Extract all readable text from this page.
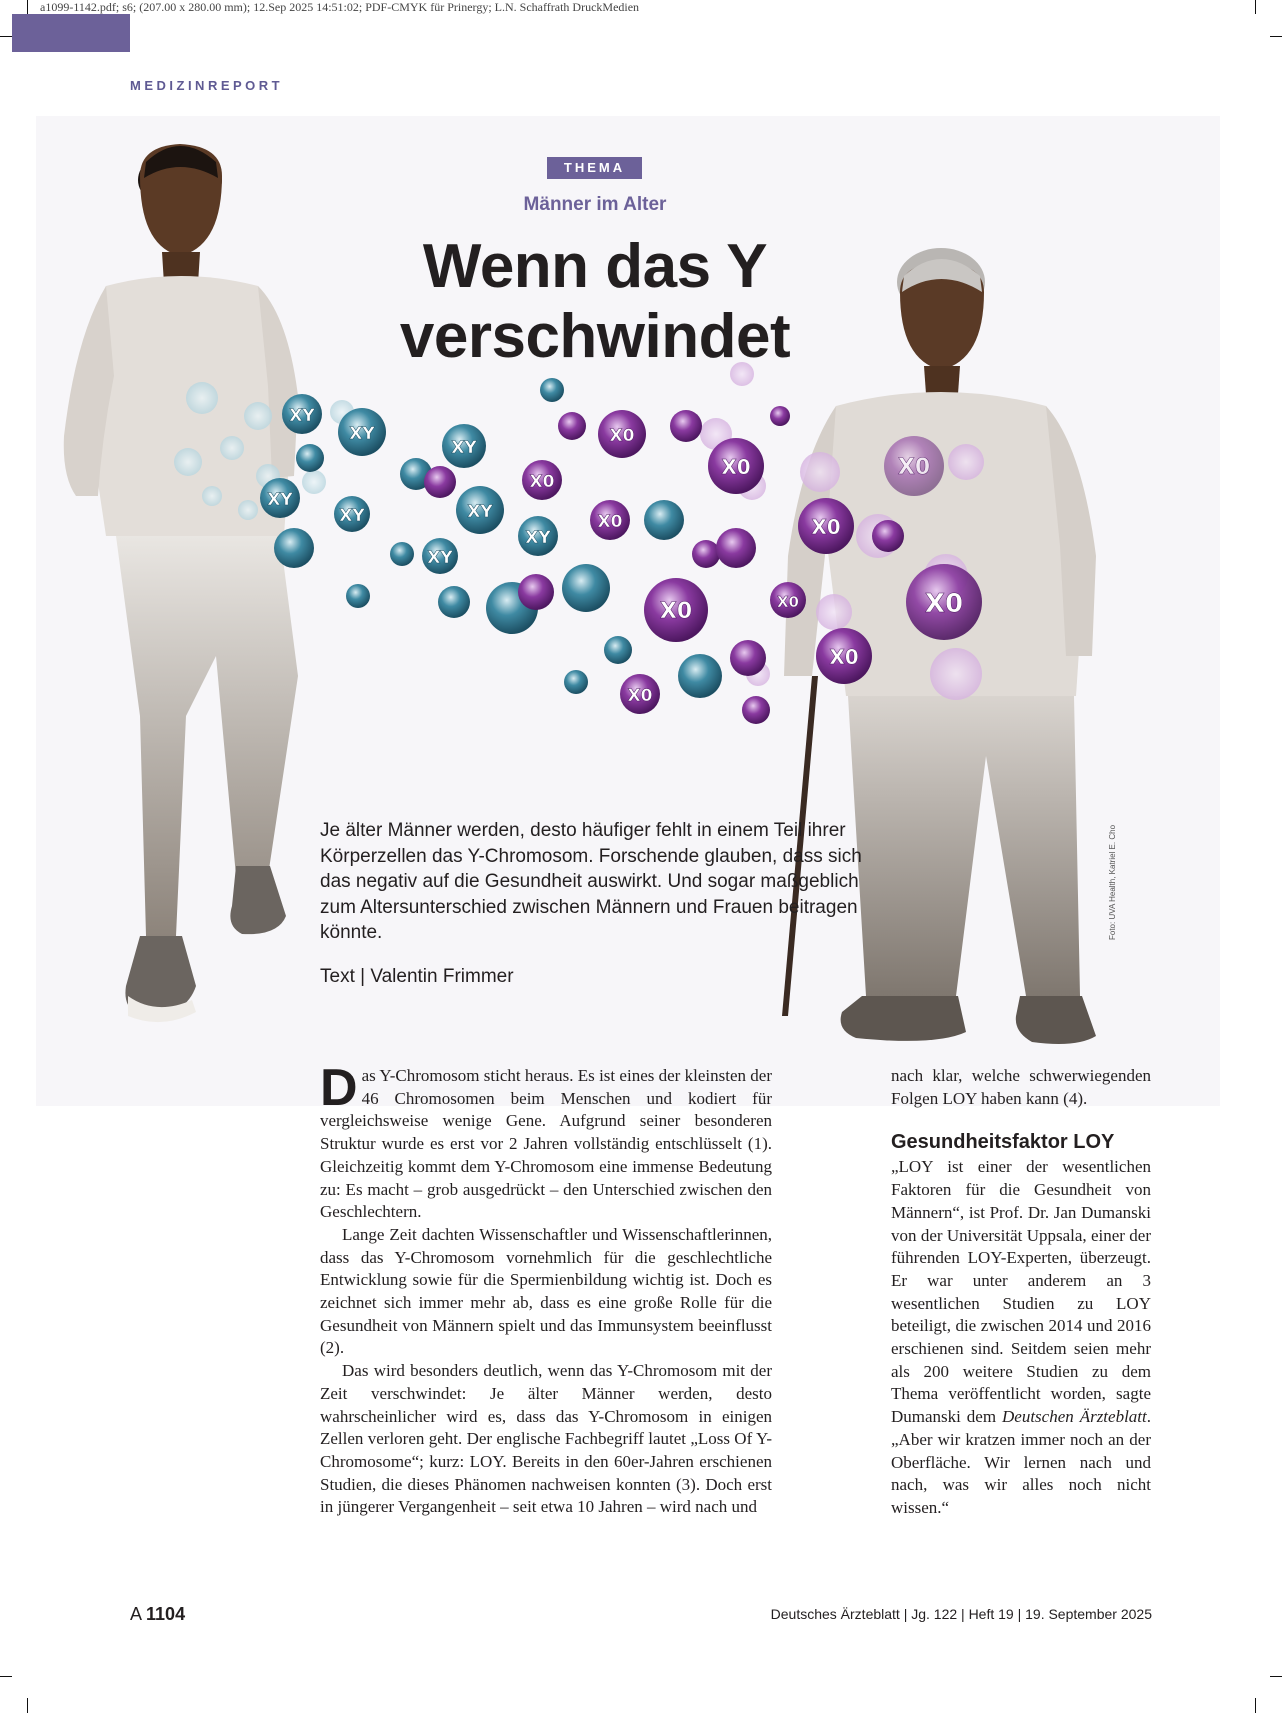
a1099-1142.pdf; s6; (207.00 x 280.00 mm); 12.Sep 2025 14:51:02; PDF-CMYK für Prinergy; L.N. Schaffrath DruckMedien
MEDIZINREPORT
XY
XY
XY
XY
XY
XY
XY
XY
X0
X0
X0
X0
X0
X0
X0
X0
X0
X0
X0
THEMA
Männer im Alter
Wenn das Y
verschwindet
Je älter Männer werden, desto häufiger fehlt in einem Teil ihrer Körperzellen das Y-Chromosom. Forschende glauben, dass sich das negativ auf die Gesundheit auswirkt. Und sogar maßgeblich zum Altersunterschied zwischen Männern und Frauen beitragen könnte.
Text | Valentin Frimmer
Foto: UVA Health, Katriel E. Cho

Das Y-Chromosom sticht heraus. Es ist eines der kleinsten der 46 Chromosomen beim Menschen und kodiert für vergleichsweise wenige Gene. Aufgrund seiner besonderen Struktur wurde es erst vor 2 Jahren vollständig entschlüsselt (1). Gleichzeitig kommt dem Y-Chromosom eine immense Bedeutung zu: Es macht – grob ausgedrückt – den Unterschied zwischen den Geschlechtern.

Lange Zeit dachten Wissenschaftler und Wissenschaftlerinnen, dass das Y-Chromosom vornehmlich für die geschlechtliche Entwicklung sowie für die Spermienbildung wichtig ist. Doch es zeichnet sich immer mehr ab, dass es eine große Rolle für die Gesundheit von Männern spielt und das Immunsystem beeinflusst (2).

Das wird besonders deutlich, wenn das Y-Chromosom mit der Zeit verschwindet: Je älter Männer werden, desto wahrscheinlicher wird es, dass das Y-Chromosom in einigen Zellen verloren geht. Der englische Fachbegriff lautet „Loss Of Y-Chromosome“; kurz: LOY. Bereits in den 60er-Jahren erschienen Studien, die dieses Phänomen nachweisen konnten (3). Doch erst in jüngerer Vergangenheit – seit etwa 10 Jahren – wird nach und

nach klar, welche schwerwiegenden Folgen LOY haben kann (4).

Gesundheitsfaktor LOY

„LOY ist einer der wesentlichen Faktoren für die Gesundheit von Männern“, ist Prof. Dr. Jan Dumanski von der Universität Uppsala, einer der führenden LOY-Experten, überzeugt. Er war unter anderem an 3 wesentlichen Studien zu LOY beteiligt, die zwischen 2014 und 2016 erschienen sind. Seitdem seien mehr als 200 weitere Studien zu dem Thema veröffentlicht worden, sagte Dumanski dem Deutschen Ärzteblatt. „Aber wir kratzen immer noch an der Oberfläche. Wir lernen nach und nach, was wir alles noch nicht wissen.“

A 1104	Deutsches Ärzteblatt | Jg. 122 | Heft 19 | 19. September 2025
